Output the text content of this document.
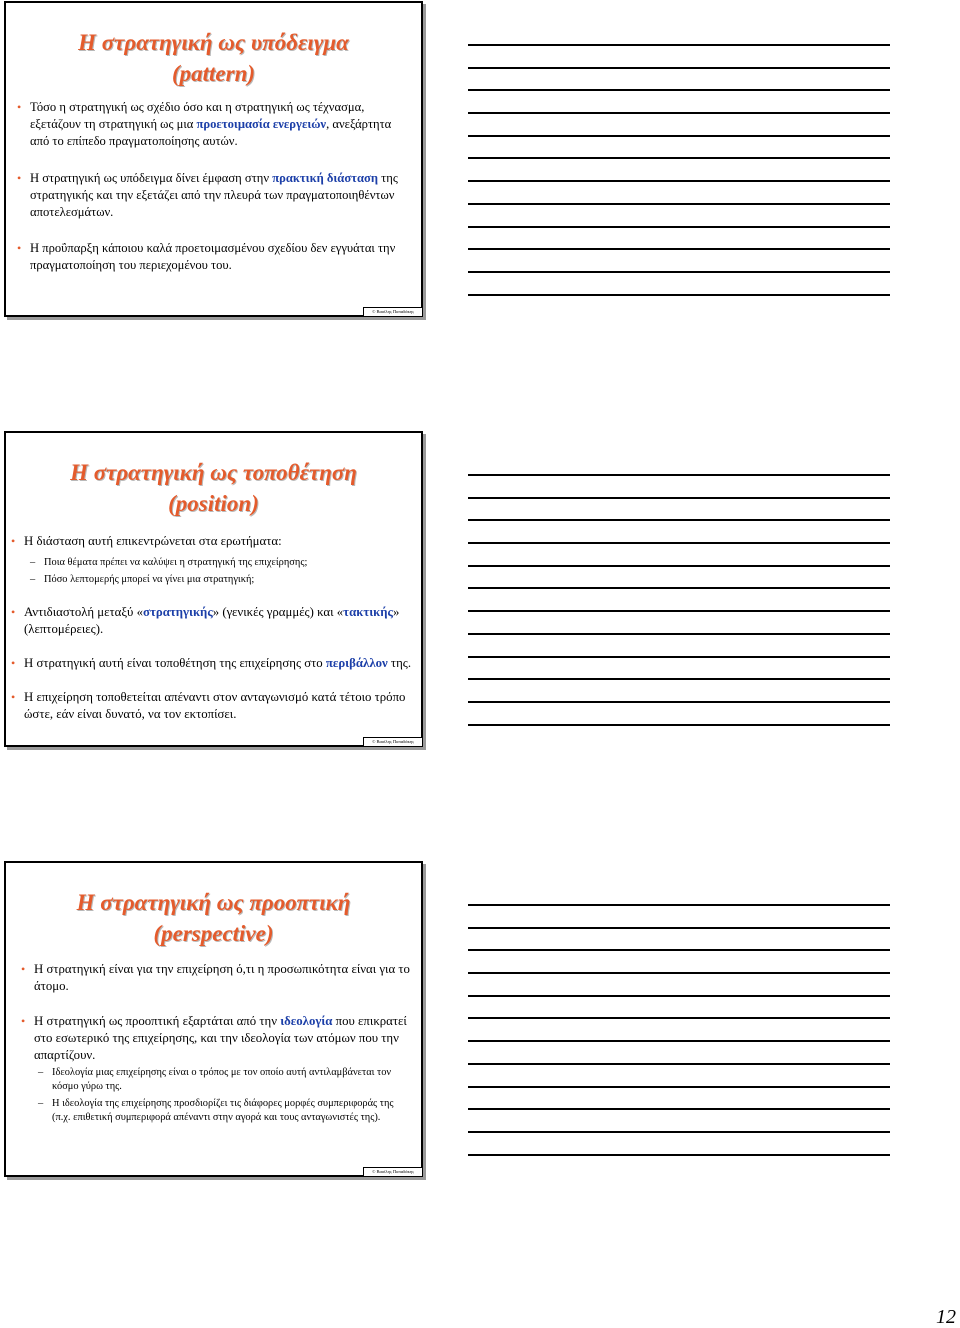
Η στρατηγική ως υπόδειγμα
(pattern)
• Τόσο η στρατηγική ως σχέδιο όσο και η στρατηγική ως τέχνασμα, εξετάζουν τη στρατηγική ως μια προετοιμασία ενεργειών, ανεξάρτητα από το επίπεδο πραγματοποίησης αυτών.
• Η στρατηγική ως υπόδειγμα δίνει έμφαση στην πρακτική διάσταση της στρατηγικής και την εξετάζει από την πλευρά των πραγματοποιηθέντων αποτελεσμάτων.
• Η προΰπαρξη κάποιου καλά προετοιμασμένου σχεδίου δεν εγγυάται την πραγματοποίηση του περιεχομένου του.
© Βασίλης Παπαδάκης
Η στρατηγική ως τοποθέτηση
(position)
• Η διάσταση αυτή επικεντρώνεται στα ερωτήματα:
– Ποια θέματα πρέπει να καλύψει η στρατηγική της επιχείρησης;
– Πόσο λεπτομερής μπορεί να γίνει μια στρατηγική;
• Αντιδιαστολή μεταξύ «στρατηγικής» (γενικές γραμμές) και «τακτικής» (λεπτομέρειες).
• Η στρατηγική αυτή είναι τοποθέτηση της επιχείρησης στο περιβάλλον της.
• Η επιχείρηση τοποθετείται απέναντι στον ανταγωνισμό κατά τέτοιο τρόπο ώστε, εάν είναι δυνατό, να τον εκτοπίσει.
© Βασίλης Παπαδάκης
Η στρατηγική ως προοπτική
(perspective)
• Η στρατηγική είναι για την επιχείρηση ό,τι η προσωπικότητα είναι για το άτομο.
• Η στρατηγική ως προοπτική εξαρτάται από την ιδεολογία που επικρατεί στο εσωτερικό της επιχείρησης, και την ιδεολογία των ατόμων που την απαρτίζουν.
– Ιδεολογία μιας επιχείρησης είναι ο τρόπος με τον οποίο αυτή αντιλαμβάνεται τον κόσμο γύρω της.
– Η ιδεολογία της επιχείρησης προσδιορίζει τις διάφορες μορφές συμπεριφοράς της (π.χ. επιθετική συμπεριφορά απέναντι στην αγορά και τους ανταγωνιστές της).
© Βασίλης Παπαδάκης
12
